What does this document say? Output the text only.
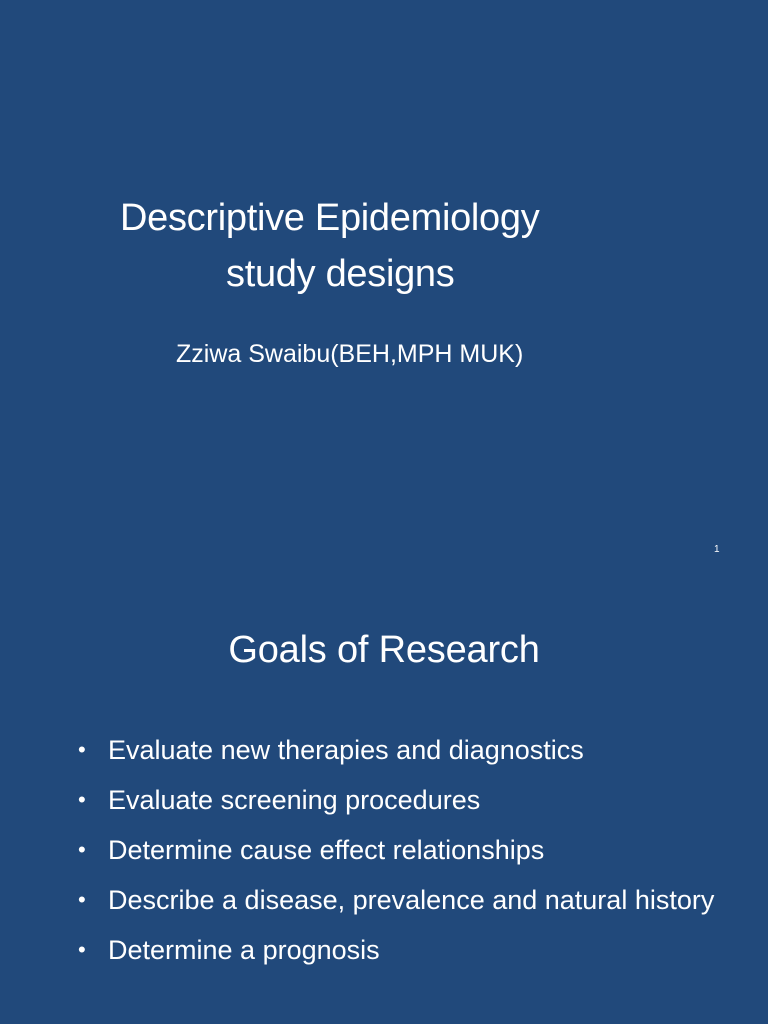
Descriptive Epidemiology
study designs
Zziwa Swaibu(BEH,MPH MUK)
1
Goals of Research
• Evaluate new therapies and diagnostics
• Evaluate screening procedures
• Determine cause effect relationships
• Describe a disease, prevalence and natural history
• Determine a prognosis
